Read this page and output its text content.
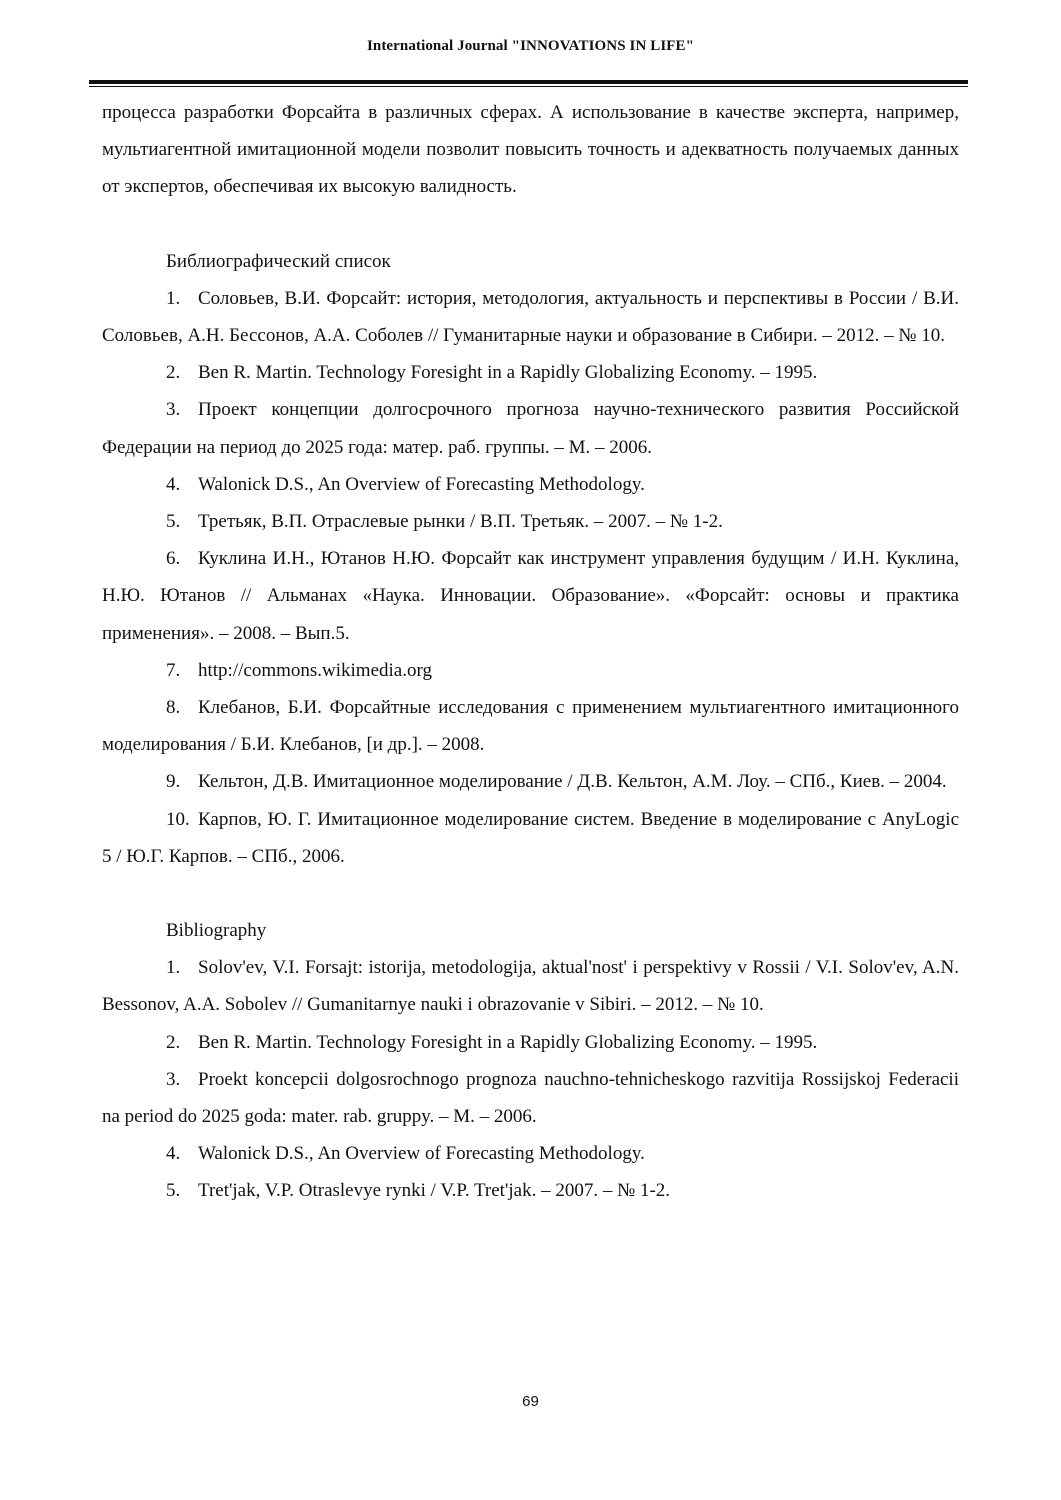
International Journal "INNOVATIONS IN LIFE"

процесса разработки Форсайта в различных сферах. А использование в качестве эксперта, например, мультиагентной имитационной модели позволит повысить точность и адекватность получаемых данных от экспертов, обеспечивая их высокую валидность.

Библиографический список

1. Соловьев, В.И. Форсайт: история, методология, актуальность и перспективы в России / В.И. Соловьев, А.Н. Бессонов, А.А. Соболев // Гуманитарные науки и образование в Сибири. – 2012. – № 10.

2. Ben R. Martin. Technology Foresight in a Rapidly Globalizing Economy. – 1995.

3. Проект концепции долгосрочного прогноза научно-технического развития Российской Федерации на период до 2025 года: матер. раб. группы. – М. – 2006.

4. Walonick D.S., An Overview of Forecasting Methodology.

5. Третьяк, В.П. Отраслевые рынки / В.П. Третьяк. – 2007. – № 1-2.

6. Куклина И.Н., Ютанов Н.Ю. Форсайт как инструмент управления будущим / И.Н. Куклина, Н.Ю. Ютанов // Альманах «Наука. Инновации. Образование». «Форсайт: основы и практика применения». – 2008. – Вып.5.

7. http://commons.wikimedia.org

8. Клебанов, Б.И. Форсайтные исследования с применением мультиагентного имитационного моделирования / Б.И. Клебанов, [и др.]. – 2008.

9. Кельтон, Д.В. Имитационное моделирование / Д.В. Кельтон, А.М. Лоу. – СПб., Киев. – 2004.

10. Карпов, Ю. Г. Имитационное моделирование систем. Введение в моделирование с AnyLogic 5 / Ю.Г. Карпов. – СПб., 2006.

Bibliography

1. Solov'ev, V.I. Forsajt: istorija, metodologija, aktual'nost' i perspektivy v Rossii / V.I. Solov'ev, A.N. Bessonov, A.A. Sobolev // Gumanitarnye nauki i obrazovanie v Sibiri. – 2012. – № 10.

2. Ben R. Martin. Technology Foresight in a Rapidly Globalizing Economy. – 1995.

3. Proekt koncepcii dolgosrochnogo prognoza nauchno-tehnicheskogo razvitija Rossijskoj Federacii na period do 2025 goda: mater. rab. gruppy. – M. – 2006.

4. Walonick D.S., An Overview of Forecasting Methodology.

5. Tret'jak, V.P. Otraslevye rynki / V.P. Tret'jak. – 2007. – № 1-2.

69
